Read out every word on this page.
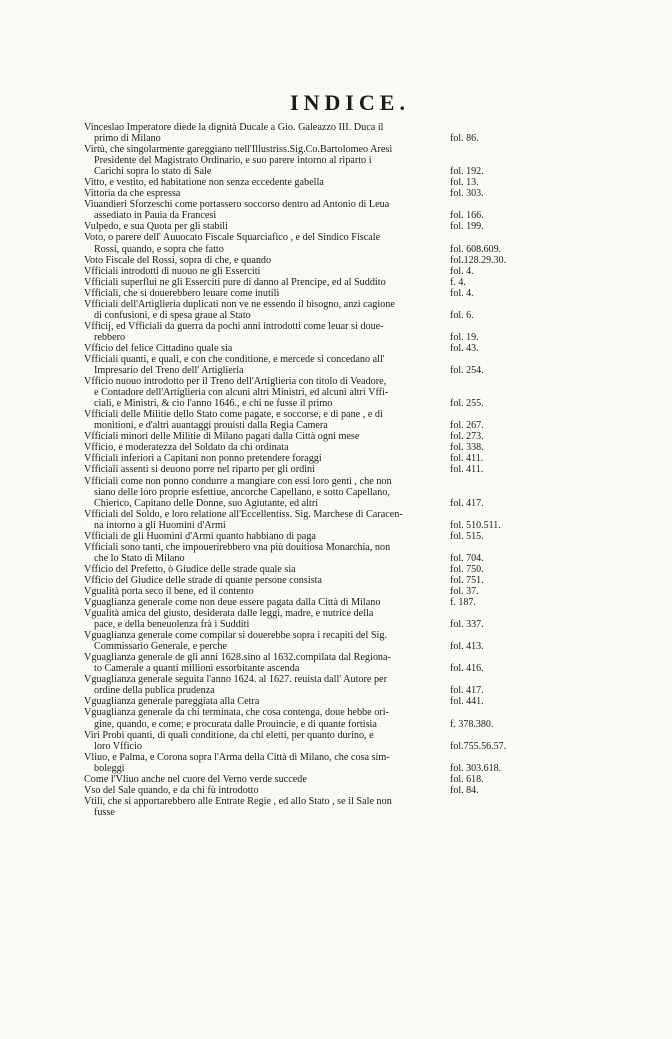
INDICE.
Vinceslao Imperatore diede la dignità Ducale a Gio. Galeazzo III. Duca il
primo di Milano	fol. 86.
Virtù, che singolarmente gareggiano nell'Illustriss.Sig.Co.Bartolomeo Aresi
Presidente del Magistrato Ordinario, e suo parere intorno al riparto i
Carichi sopra lo stato di Sale	fol. 192.
Vitto, e vestito, ed habitatione non senza eccedente gabella	fol. 13.
Vittoria da che espressa	fol. 303.
Viuandieri Sforzeschi come portassero soccorso dentro ad Antonio di Leua
assediato in Pauia da Francesi	fol. 166.
Vulpedo, e sua Quota per gli stabili	fol. 199.
Voto, o parere dell' Auuocato Fiscale Squarciafico , e del Sindico Fiscale
Rossi, quando, e sopra che fatto	fol. 608.609.
Voto Fiscale del Rossi, sopra di che, e quando	fol.128.29.30.
Vfficiali introdotti di nuouo ne gli Esserciti	fol. 4.
Vfficiali superflui ne gli Esserciti pure di danno al Prencipe, ed al Suddito	f. 4.
Vfficiali, che si douerebbero leuare come inutili	fol. 4.
Vfficiali dell'Artiglieria duplicati non ve ne essendo il bisogno, anzi cagione
di confusioni, e di spesa graue al Stato	fol. 6.
Vfficij, ed Vfficiali da guerra da pochi anni introdotti come leuar si doue-
rebbero	fol. 19.
Vfficio del felice Cittadino quale sia	fol. 43.
Vfficiali quanti, e quali, e con che conditione, e mercede si concedano all'
Impresario del Treno dell' Artiglieria	fol. 254.
Vfficio nuouo introdotto per il Treno dell'Artiglieria con titolo di Veadore,
e Contadore dell'Artiglieria con alcuni altri Ministri, ed alcuni altri Vffi-
ciali, e Ministri, & cio l'anno 1646., e chi ne fusse il primo	fol. 255.
Vfficiali delle Militie dello Stato come pagate, e soccorse, e di pane , e di
monitioni, e d'altri auantaggi prouisti dalla Regia Camera	fol. 267.
Vfficiali minori delle Militie di Milano pagati dalla Città ogni mese	fol. 273.
Vfficio, e moderatezza del Soldato da chi ordinata	fol. 338.
Vfficiali inferiori a Capitani non ponno pretendere foraggi	fol. 411.
Vfficiali assenti si deuono porre nel riparto per gli ordini	fol. 411.
Vfficiali come non ponno condurre a mangiare con essi loro genti , che non
siano delle loro proprie esfettiue, ancorche Capellano, e sotto Capellano,
Chierico, Capitano delle Donne, suo Agiutante, ed altri	fol. 417.
Vfficiali del Soldo, e loro relatione all'Eccellentiss. Sig. Marchese di Caracen-
na intorno a gli Huomini d'Armi	fol. 510.511.
Vfficiali de gli Huomini d'Armi quanto habbiano di paga	fol. 515.
Vfficiali sono tanti, che impouerirebbero vna più douitiosa Monarchia, non
che lo Stato di Milano	fol. 704.
Vfficio del Prefetto, ò Giudice delle strade quale sia	fol. 750.
Vfficio del Giudice delle strade di quante persone consista	fol. 751.
Vgualità porta seco il bene, ed il contento	fol. 37.
Vguaglianza generale come non deue essere pagata dalla Città di Milano	f. 187.
Vgualità amica del giusto, desiderata dalle leggi, madre, e nutrice della
pace, e della beneuolenza frà i Sudditi	fol. 337.
Vguaglianza generale come compilar si douerebbe sopra i recapiti del Sig.
Commissario Generale, e perche	fol. 413.
Vguaglianza generale de gli anni 1628.sino al 1632.compilata dal Regiona-
to Camerale a quanti millioni essorbitante ascenda	fol. 416.
Vguaglianza generale seguita l'anno 1624. al 1627. reuista dall' Autore per
ordine della publica prudenza	fol. 417.
Vguaglianza generale pareggiata alla Cetra	fol. 441.
Vguaglianza generale da chi terminata, che cosa contenga, doue hebbe ori-
gine, quando, e come; e procurata dalle Prouincie, e di quante fortisia	f. 378.380.
Viri Probi quanti, di quali conditione, da chi eletti, per quanto durino, e
loro Vfficio	fol.755.56.57.
Vliuo, e Palma, e Corona sopra l'Arma della Città di Milano, che cosa sim-
boleggi	fol. 303.618.
Come l'Vliuo anche nel cuore del Verno verde succede	fol. 618.
Vso del Sale quando, e da chi fù introdotto	fol. 84.
Vtili, che si apportarebbero alle Entrate Regie , ed allo Stato , se il Sale non
fusse
